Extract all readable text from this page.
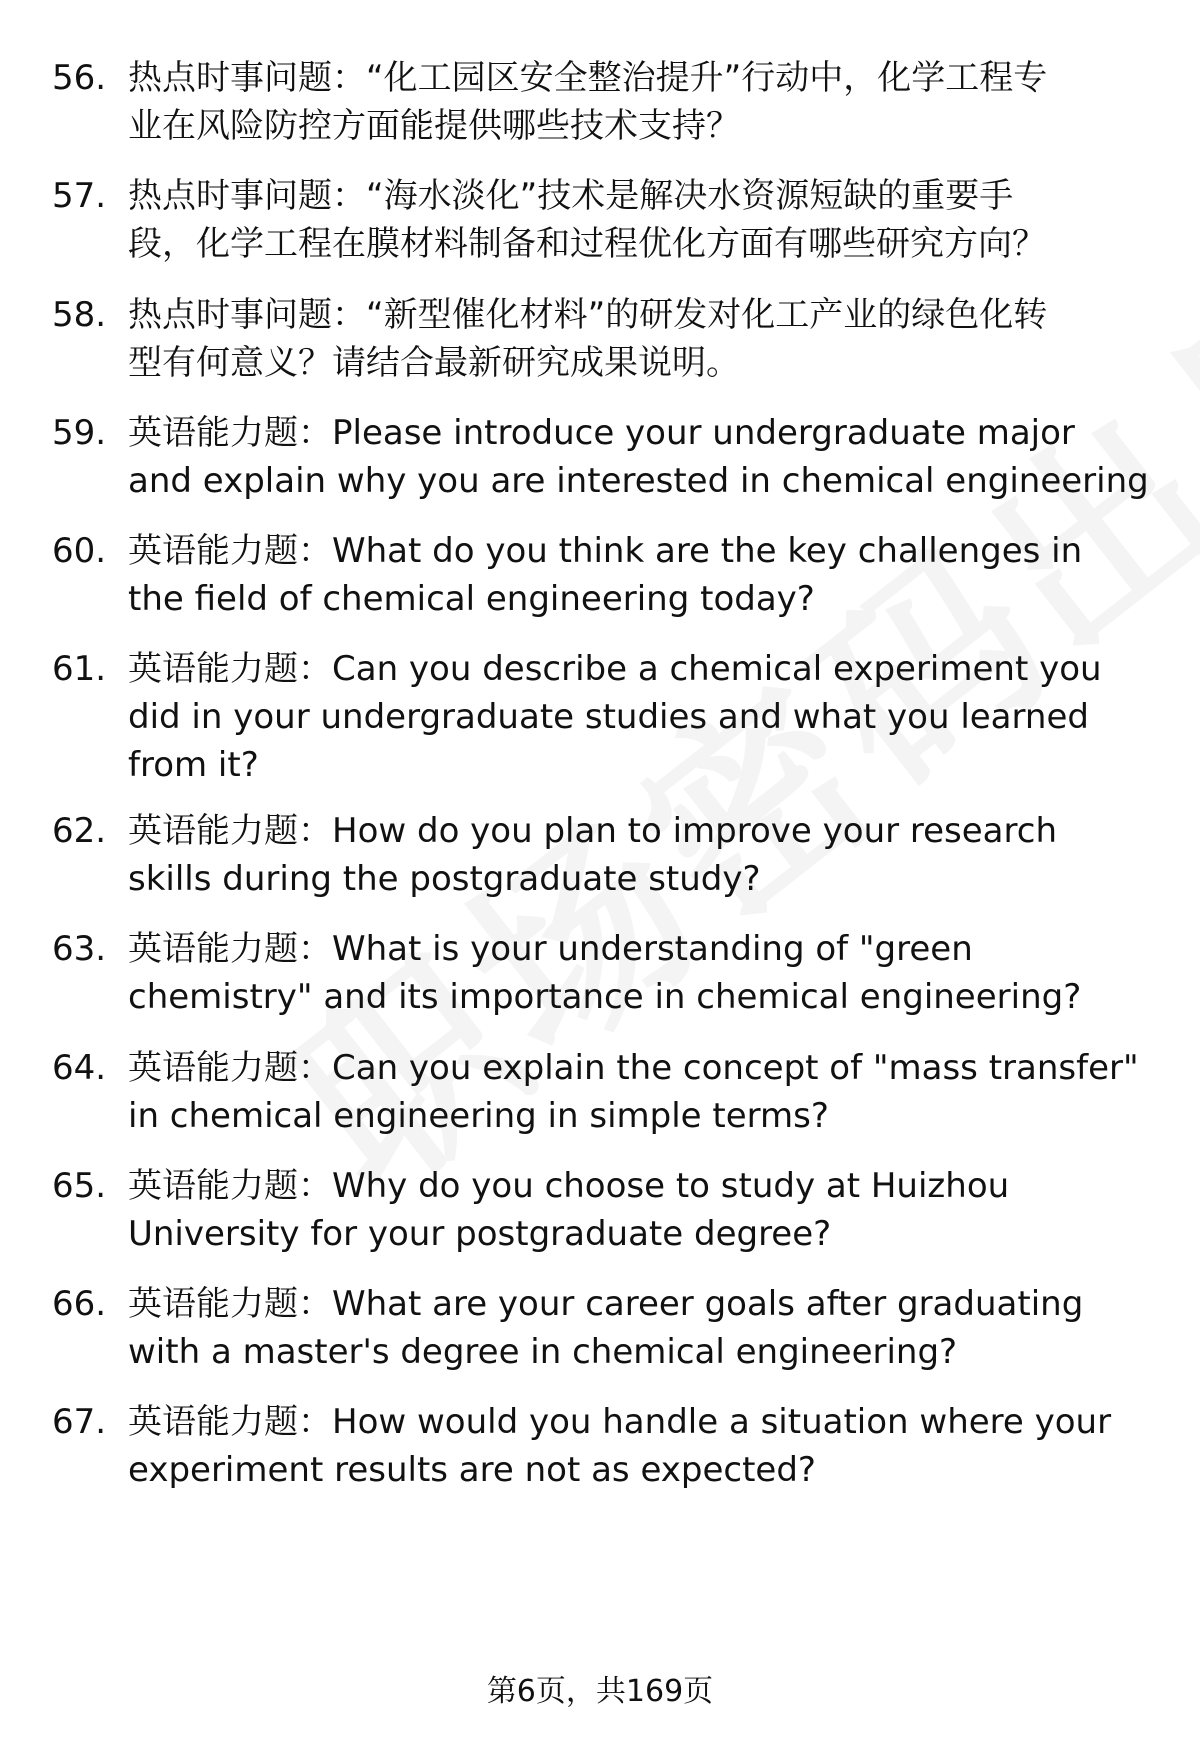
56. 热点时事问题：“化工园区安全整治提升”行动中，化学工程专
业在风险防控方面能提供哪些技术支持？
57. 热点时事问题：“海水淡化”技术是解决水资源短缺的重要手
段，化学工程在膜材料制备和过程优化方面有哪些研究方向？
58. 热点时事问题：“新型催化材料”的研发对化工产业的绿色化转
型有何意义？请结合最新研究成果说明。
59. 英语能力题：Please introduce your undergraduate major
and explain why you are interested in chemical engineering
60. 英语能力题：What do you think are the key challenges in
the field of chemical engineering today?
61. 英语能力题：Can you describe a chemical experiment you
did in your undergraduate studies and what you learned
from it?
62. 英语能力题：How do you plan to improve your research
skills during the postgraduate study?
63. 英语能力题：What is your understanding of "green
chemistry" and its importance in chemical engineering?
64. 英语能力题：Can you explain the concept of "mass transfer"
in chemical engineering in simple terms?
65. 英语能力题：Why do you choose to study at Huizhou
University for your postgraduate degree?
66. 英语能力题：What are your career goals after graduating
with a master's degree in chemical engineering?
67. 英语能力题：How would you handle a situation where your
experiment results are not as expected?
第6页，共169页
